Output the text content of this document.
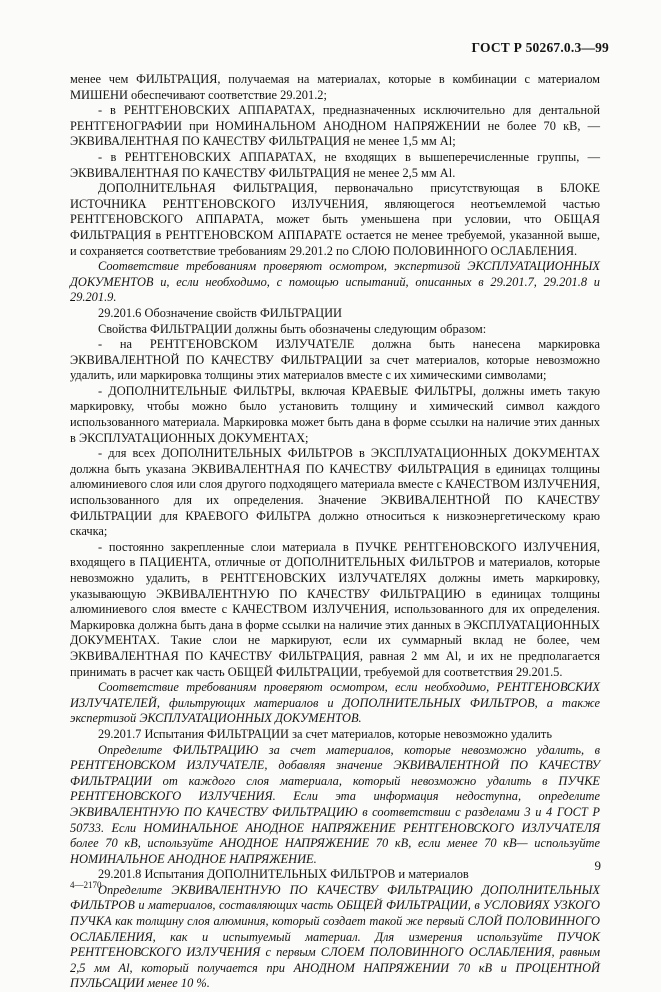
ГОСТ Р 50267.0.3—99

менее чем ФИЛЬТРАЦИЯ, получаемая на материалах, которые в комбинации с материалом МИШЕНИ обеспечивают соответствие 29.201.2;

- в РЕНТГЕНОВСКИХ АППАРАТАХ, предназначенных исключительно для дентальной РЕНТГЕНОГРАФИИ при НОМИНАЛЬНОМ АНОДНОМ НАПРЯЖЕНИИ не более 70 кВ, — ЭКВИВАЛЕНТНАЯ ПО КАЧЕСТВУ ФИЛЬТРАЦИЯ не менее 1,5 мм Al;

- в РЕНТГЕНОВСКИХ АППАРАТАХ, не входящих в вышеперечисленные группы, — ЭКВИВАЛЕНТНАЯ ПО КАЧЕСТВУ ФИЛЬТРАЦИЯ не менее 2,5 мм Al.

ДОПОЛНИТЕЛЬНАЯ ФИЛЬТРАЦИЯ, первоначально присутствующая в БЛОКЕ ИСТОЧНИКА РЕНТГЕНОВСКОГО ИЗЛУЧЕНИЯ, являющегося неотъемлемой частью РЕНТГЕНОВСКОГО АППАРАТА, может быть уменьшена при условии, что ОБЩАЯ ФИЛЬТРАЦИЯ в РЕНТГЕНОВСКОМ АППАРАТЕ остается не менее требуемой, указанной выше, и сохраняется соответствие требованиям 29.201.2 по СЛОЮ ПОЛОВИННОГО ОСЛАБЛЕНИЯ.

Соответствие требованиям проверяют осмотром, экспертизой ЭКСПЛУАТАЦИОННЫХ ДОКУМЕНТОВ и, если необходимо, с помощью испытаний, описанных в 29.201.7, 29.201.8 и 29.201.9.

29.201.6 Обозначение свойств ФИЛЬТРАЦИИ

Свойства ФИЛЬТРАЦИИ должны быть обозначены следующим образом:

- на РЕНТГЕНОВСКОМ ИЗЛУЧАТЕЛЕ должна быть нанесена маркировка ЭКВИВАЛЕНТНОЙ ПО КАЧЕСТВУ ФИЛЬТРАЦИИ за счет материалов, которые невозможно удалить, или маркировка толщины этих материалов вместе с их химическими символами;

- ДОПОЛНИТЕЛЬНЫЕ ФИЛЬТРЫ, включая КРАЕВЫЕ ФИЛЬТРЫ, должны иметь такую маркировку, чтобы можно было установить толщину и химический символ каждого использованного материала. Маркировка может быть дана в форме ссылки на наличие этих данных в ЭКСПЛУАТАЦИОННЫХ ДОКУМЕНТАХ;

- для всех ДОПОЛНИТЕЛЬНЫХ ФИЛЬТРОВ в ЭКСПЛУАТАЦИОННЫХ ДОКУМЕНТАХ должна быть указана ЭКВИВАЛЕНТНАЯ ПО КАЧЕСТВУ ФИЛЬТРАЦИЯ в единицах толщины алюминиевого слоя или слоя другого подходящего материала вместе с КАЧЕСТВОМ ИЗЛУЧЕНИЯ, использованного для их определения. Значение ЭКВИВАЛЕНТНОЙ ПО КАЧЕСТВУ ФИЛЬТРАЦИИ для КРАЕВОГО ФИЛЬТРА должно относиться к низкоэнергетическому краю скачка;

- постоянно закрепленные слои материала в ПУЧКЕ РЕНТГЕНОВСКОГО ИЗЛУЧЕНИЯ, входящего в ПАЦИЕНТА, отличные от ДОПОЛНИТЕЛЬНЫХ ФИЛЬТРОВ и материалов, которые невозможно удалить, в РЕНТГЕНОВСКИХ ИЗЛУЧАТЕЛЯХ должны иметь маркировку, указывающую ЭКВИВАЛЕНТНУЮ ПО КАЧЕСТВУ ФИЛЬТРАЦИЮ в единицах толщины алюминиевого слоя вместе с КАЧЕСТВОМ ИЗЛУЧЕНИЯ, использованного для их определения. Маркировка должна быть дана в форме ссылки на наличие этих данных в ЭКСПЛУАТАЦИОННЫХ ДОКУМЕНТАХ. Такие слои не маркируют, если их суммарный вклад не более, чем ЭКВИВАЛЕНТНАЯ ПО КАЧЕСТВУ ФИЛЬТРАЦИЯ, равная 2 мм Al, и их не предполагается принимать в расчет как часть ОБЩЕЙ ФИЛЬТРАЦИИ, требуемой для соответствия 29.201.5.

Соответствие требованиям проверяют осмотром, если необходимо, РЕНТГЕНОВСКИХ ИЗЛУЧАТЕЛЕЙ, фильтрующих материалов и ДОПОЛНИТЕЛЬНЫХ ФИЛЬТРОВ, а также экспертизой ЭКСПЛУАТАЦИОННЫХ ДОКУМЕНТОВ.

29.201.7 Испытания ФИЛЬТРАЦИИ за счет материалов, которые невозможно удалить

Определите ФИЛЬТРАЦИЮ за счет материалов, которые невозможно удалить, в РЕНТГЕНОВСКОМ ИЗЛУЧАТЕЛЕ, добавляя значение ЭКВИВАЛЕНТНОЙ ПО КАЧЕСТВУ ФИЛЬТРАЦИИ от каждого слоя материала, который невозможно удалить в ПУЧКЕ РЕНТГЕНОВСКОГО ИЗЛУЧЕНИЯ. Если эта информация недоступна, определите ЭКВИВАЛЕНТНУЮ ПО КАЧЕСТВУ ФИЛЬТРАЦИЮ в соответствии с разделами 3 и 4 ГОСТ Р 50733. Если НОМИНАЛЬНОЕ АНОДНОЕ НАПРЯЖЕНИЕ РЕНТГЕНОВСКОГО ИЗЛУЧАТЕЛЯ более 70 кВ, используйте АНОДНОЕ НАПРЯЖЕНИЕ 70 кВ, если менее 70 кВ— используйте НОМИНАЛЬНОЕ АНОДНОЕ НАПРЯЖЕНИЕ.

29.201.8 Испытания ДОПОЛНИТЕЛЬНЫХ ФИЛЬТРОВ и материалов

Определите ЭКВИВАЛЕНТНУЮ ПО КАЧЕСТВУ ФИЛЬТРАЦИЮ ДОПОЛНИТЕЛЬНЫХ ФИЛЬТРОВ и материалов, составляющих часть ОБЩЕЙ ФИЛЬТРАЦИИ, в УСЛОВИЯХ УЗКОГО ПУЧКА как толщину слоя алюминия, который создает такой же первый СЛОЙ ПОЛОВИННОГО ОСЛАБЛЕНИЯ, как и испытуемый материал. Для измерения используйте ПУЧОК РЕНТГЕНОВСКОГО ИЗЛУЧЕНИЯ с первым СЛОЕМ ПОЛОВИННОГО ОСЛАБЛЕНИЯ, равным 2,5 мм Al, который получается при АНОДНОМ НАПРЯЖЕНИИ 70 кВ и ПРОЦЕНТНОЙ ПУЛЬСАЦИИ менее 10 %.

9
4—2170
